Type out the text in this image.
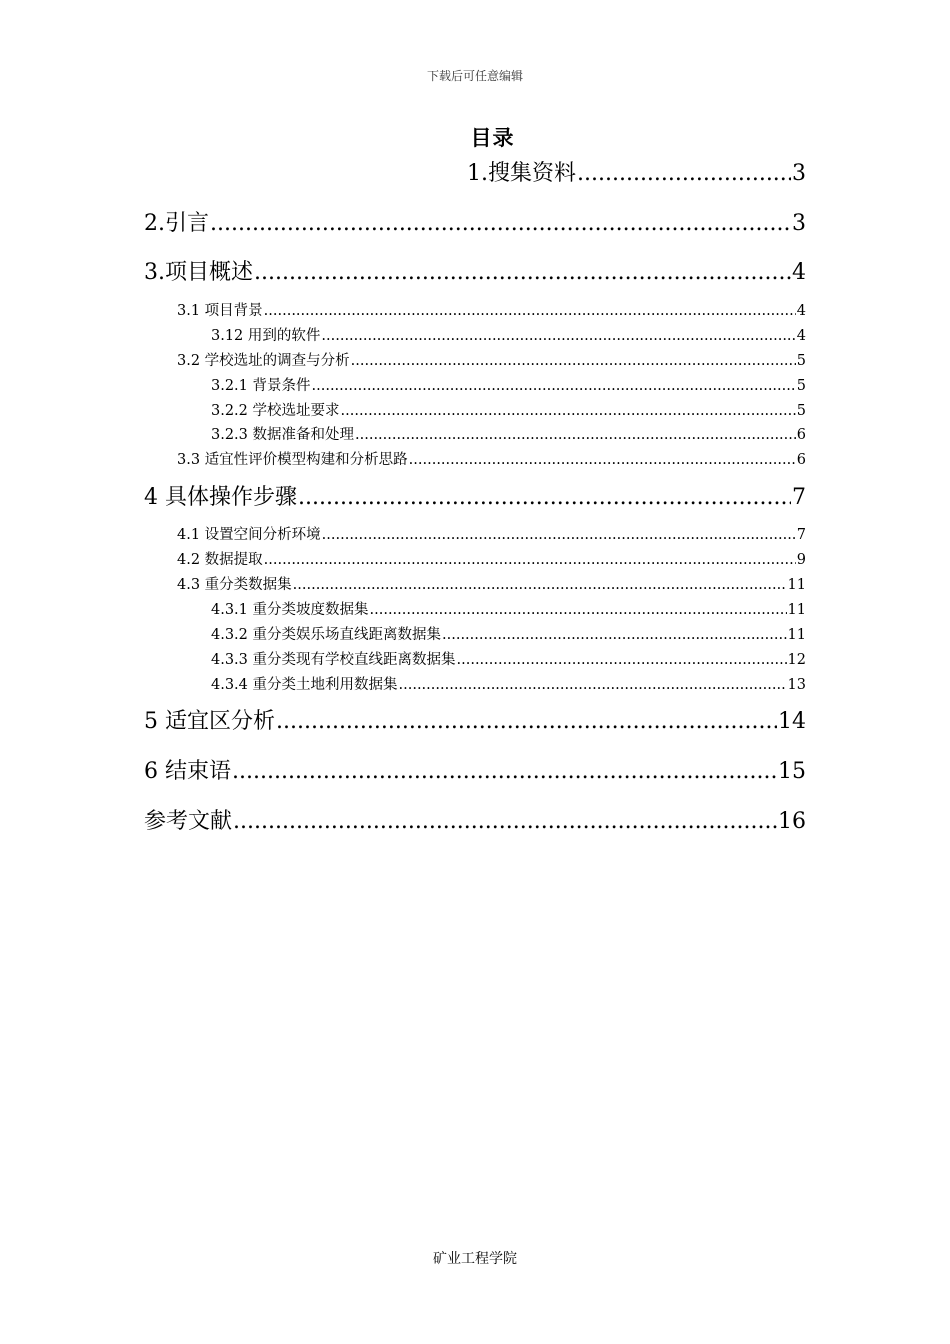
下载后可任意编辑
目录
1.搜集资料 .....	3
2.引言 .....	3
3.项目概述 .....	4
3.1 项目背景 .....	4
3.12 用到的软件 .....	4
3.2 学校选址的调查与分析 .....	5
3.2.1 背景条件 .....	5
3.2.2 学校选址要求 .....	5
3.2.3 数据准备和处理 .....	6
3.3 适宜性评价模型构建和分析思路 .....	6
4 具体操作步骤 .....	7
4.1 设置空间分析环境 .....	7
4.2 数据提取 .....	9
4.3 重分类数据集 .....	11
4.3.1 重分类坡度数据集 .....	11
4.3.2 重分类娱乐场直线距离数据集 .....	11
4.3.3 重分类现有学校直线距离数据集 .....	12
4.3.4 重分类土地利用数据集 .....	13
5 适宜区分析 .....	14
6 结束语 .....	15
参考文献 .....	16
矿业工程学院
